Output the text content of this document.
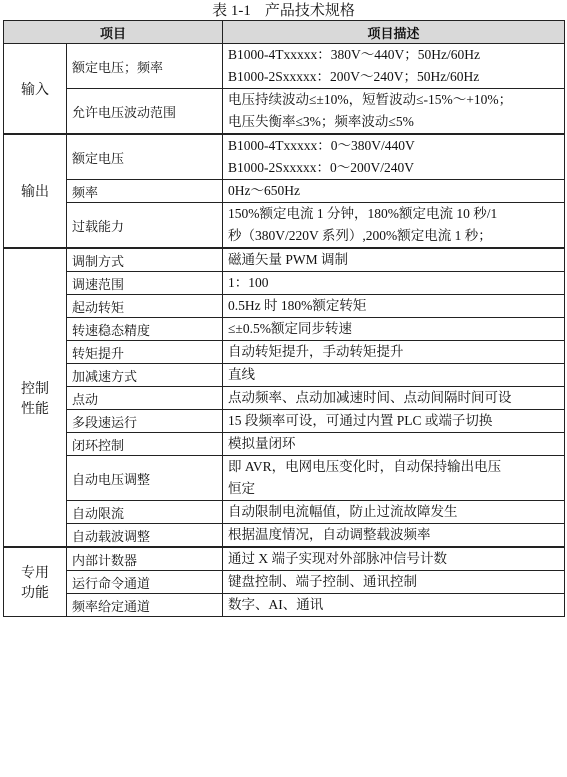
表 1-1 产品技术规格
项目		项目描述
输入	额定电压；频率	B1000-4Txxxxx：380V～440V；50Hz/60Hz
B1000-2Sxxxxx：200V～240V；50Hz/60Hz

	允许电压波动范围	电压持续波动≤±10%，短暂波动≤-15%～+10%；
电压失衡率≤3%；频率波动≤5%

输出	额定电压	B1000-4Txxxxx：0～380V/440V
B1000-2Sxxxxx：0～200V/240V

	频率	0Hz～650Hz

	过载能力	150%额定电流 1 分钟，180%额定电流 10 秒/1
秒（380V/220V 系列）,200%额定电流 1 秒；

控制
性能	调制方式	磁通矢量 PWM 调制

	调速范围	1：100

	起动转矩	0.5Hz 时 180%额定转矩

	转速稳态精度	≤±0.5%额定同步转速

	转矩提升	自动转矩提升，手动转矩提升

	加减速方式	直线

	点动	点动频率、点动加减速时间、点动间隔时间可设

	多段速运行	15 段频率可设，可通过内置 PLC 或端子切换

	闭环控制	模拟量闭环

	自动电压调整	即 AVR，电网电压变化时，自动保持输出电压
恒定

	自动限流	自动限制电流幅值，防止过流故障发生

	自动载波调整	根据温度情况，自动调整载波频率

专用
功能	内部计数器	通过 X 端子实现对外部脉冲信号计数

	运行命令通道	键盘控制、端子控制、通讯控制

	频率给定通道	数字、AI、通讯
